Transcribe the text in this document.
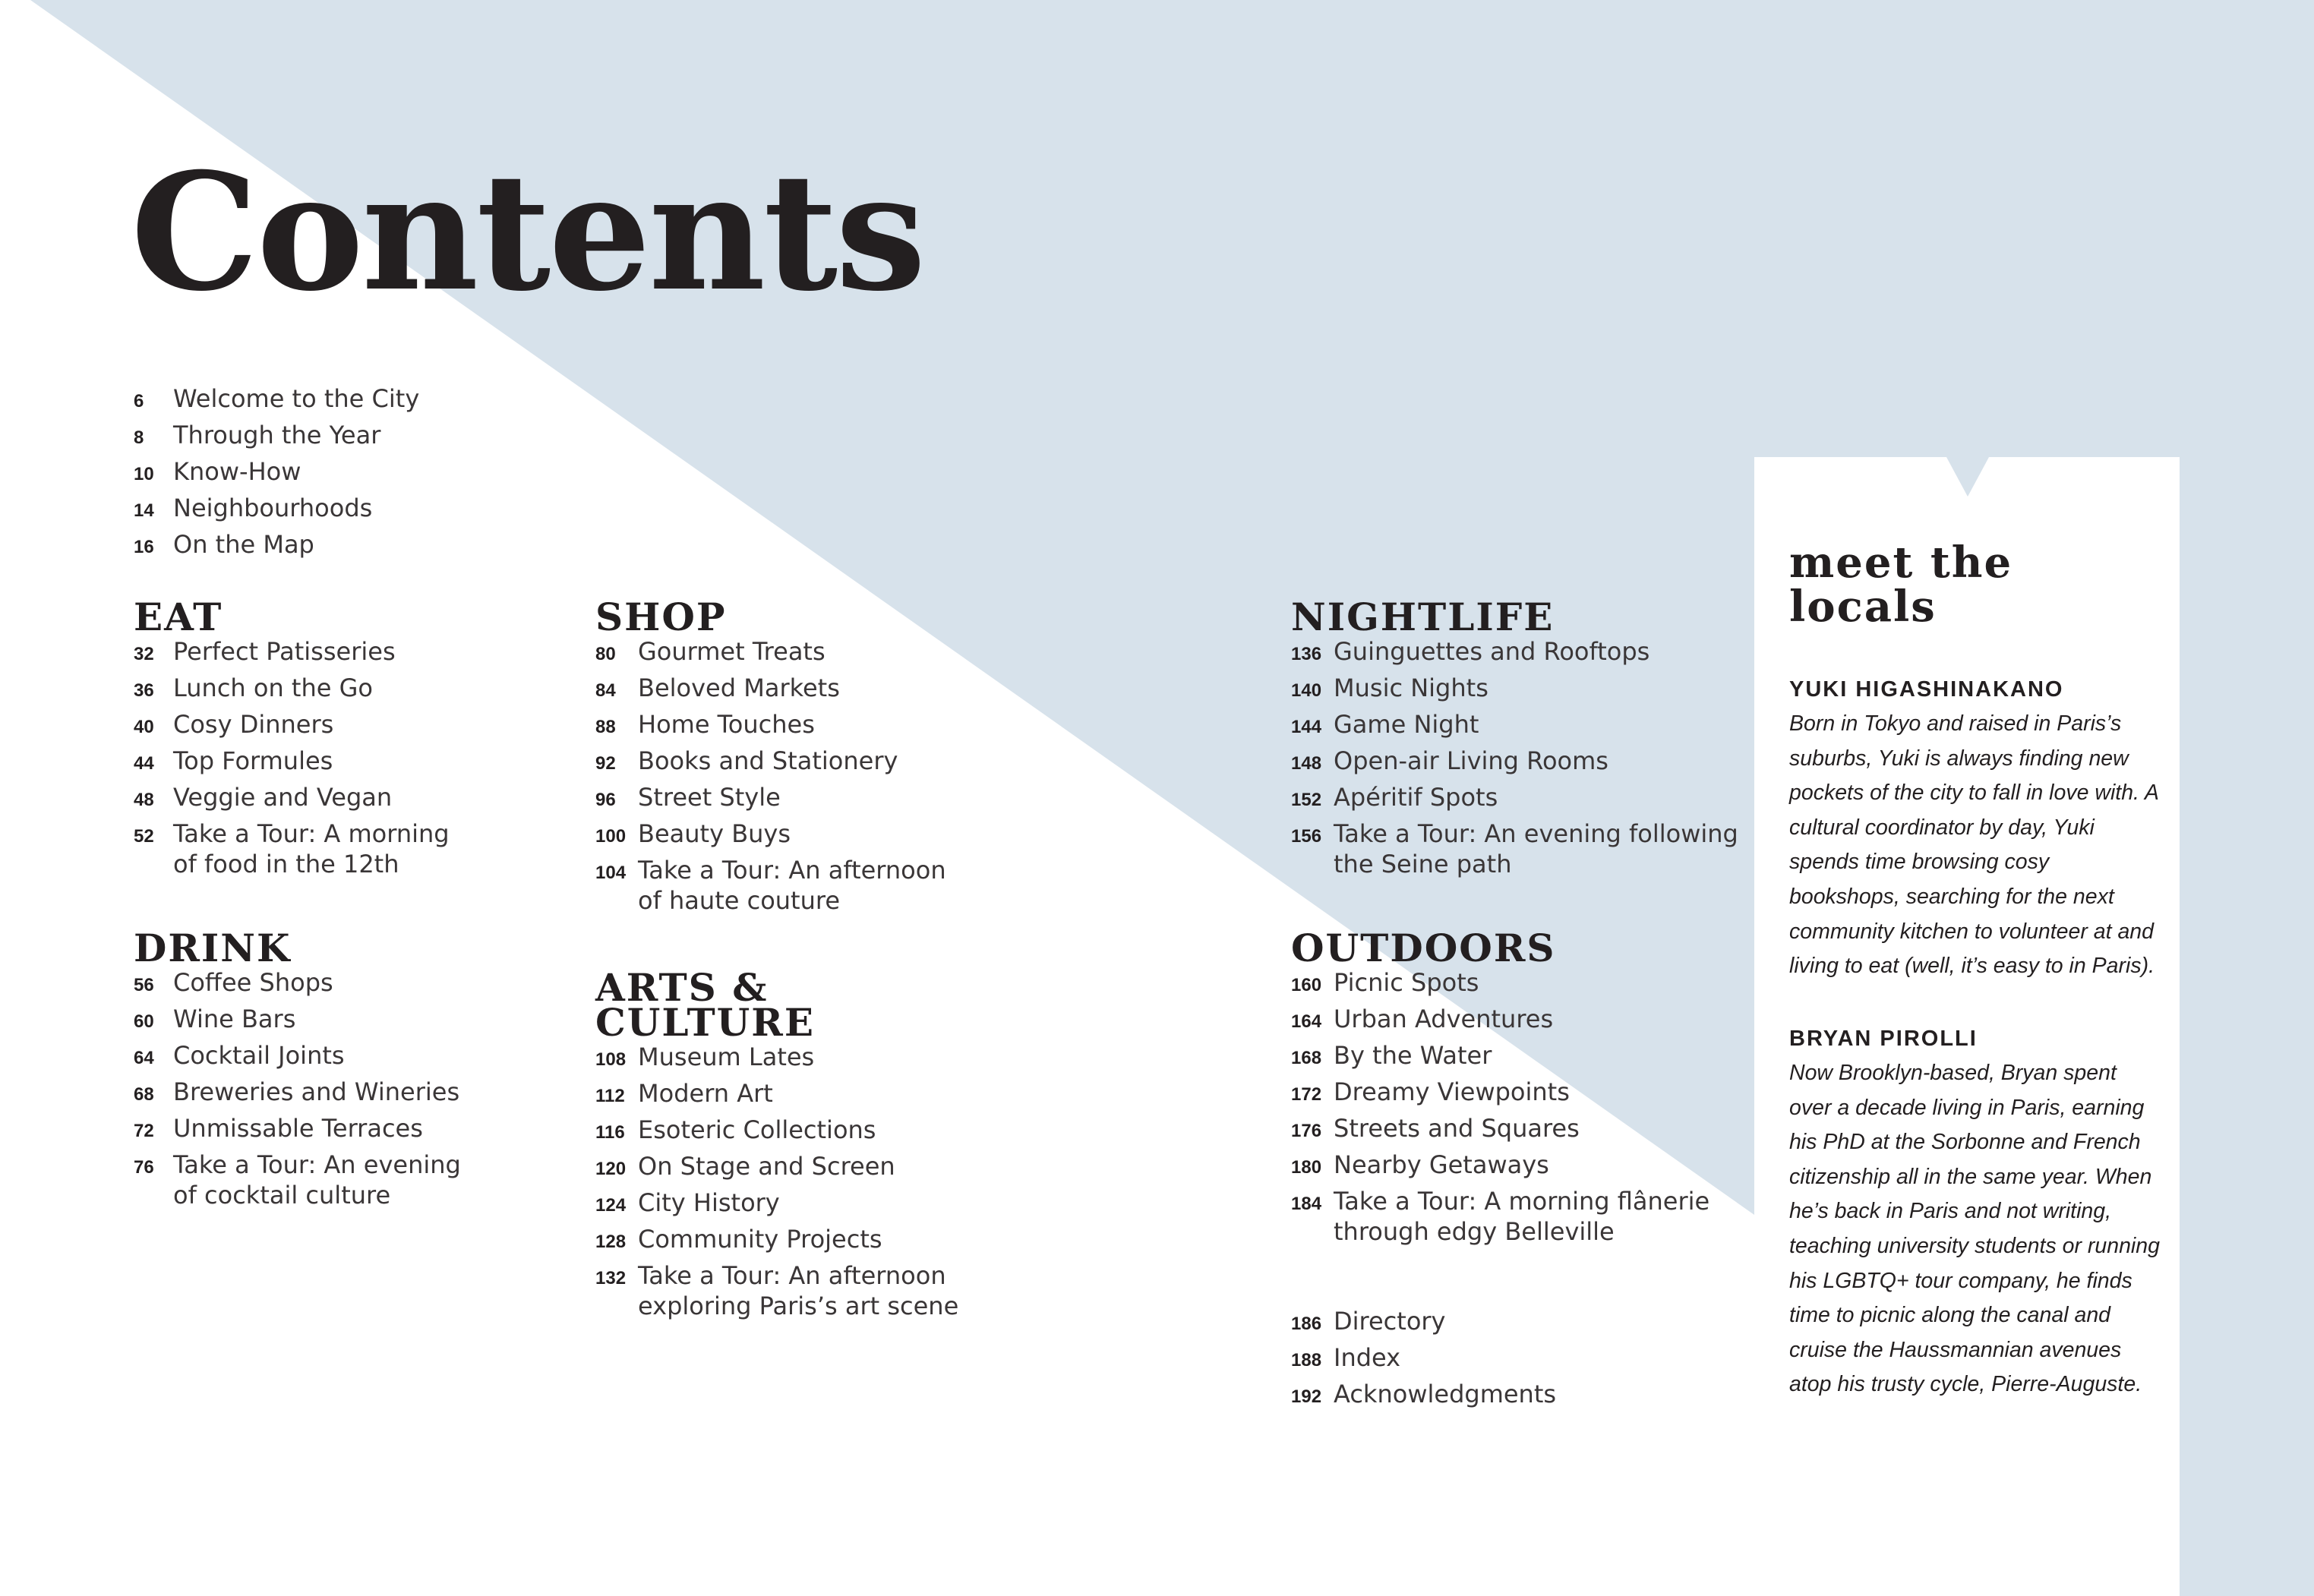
Contents
6	Welcome to the City
8	Through the Year
10 Know-How
14 Neighbourhoods
16 On the Map
EAT
32 Perfect Patisseries
36 Lunch on the Go
40 Cosy Dinners
44 Top Formules
48 Veggie and Vegan
52 Take a Tour: A morning
of food in the 12th
DRINK
56 Coffee Shops
60 Wine Bars
64 Cocktail Joints
68 Breweries and Wineries
72 Unmissable Terraces
76 Take a Tour: An evening
of cocktail culture
SHOP
80 Gourmet Treats
84 Beloved Markets
88 Home Touches
92 Books and Stationery
96 Street Style
100 Beauty Buys
104 Take a Tour: An afternoon
of haute couture
ARTS &
CULTURE
108 Museum Lates
112 Modern Art
116 Esoteric Collections
120 On Stage and Screen
124 City History
128 Community Projects
132 Take a Tour: An afternoon
exploring Paris’s art scene
NIGHTLIFE
136 Guinguettes and Rooftops
140 Music Nights
144 Game Night
148 Open-air Living Rooms
152 Apéritif Spots
156 Take a Tour: An evening following
the Seine path
OUTDOORS
160 Picnic Spots
164 Urban Adventures
168 By the Water
172 Dreamy Viewpoints
176 Streets and Squares
180 Nearby Getaways
184 Take a Tour: A morning flânerie
through edgy Belleville
186 Directory
188 Index
192 Acknowledgments
meet the
locals

YUKI HIGASHINAKANO

Born in Tokyo and raised in Paris’s suburbs, Yuki is always finding new pockets of the city to fall in love with. A cultural coordinator by day, Yuki spends time browsing cosy bookshops, searching for the next community kitchen to volunteer at and living to eat (well, it’s easy to in Paris).

BRYAN PIROLLI

Now Brooklyn-based, Bryan spent over a decade living in Paris, earning his PhD at the Sorbonne and French citizenship all in the same year. When he’s back in Paris and not writing, teaching university students or running his LGBTQ+ tour company, he finds time to picnic along the canal and cruise the Haussmannian avenues atop his trusty cycle, Pierre-Auguste.
